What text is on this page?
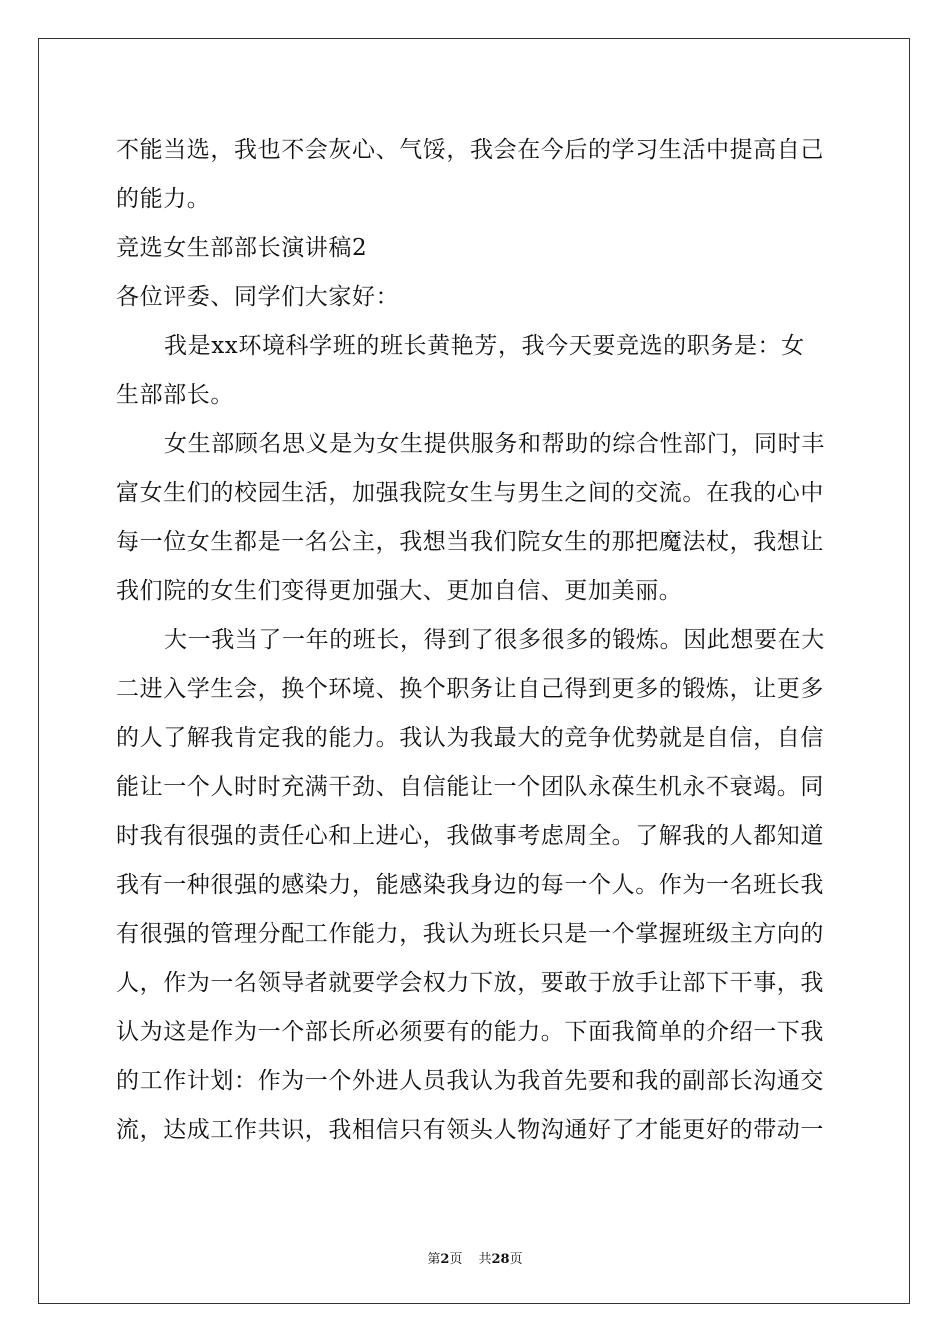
不能当选，我也不会灰心、气馁，我会在今后的学习生活中提高自己
的能力。
竞选女生部部长演讲稿2
各位评委、同学们大家好：
我是xx环境科学班的班长黄艳芳，我今天要竞选的职务是：女
生部部长。
女生部顾名思义是为女生提供服务和帮助的综合性部门，同时丰
富女生们的校园生活，加强我院女生与男生之间的交流。在我的心中
每一位女生都是一名公主，我想当我们院女生的那把魔法杖，我想让
我们院的女生们变得更加强大、更加自信、更加美丽。
大一我当了一年的班长，得到了很多很多的锻炼。因此想要在大
二进入学生会，换个环境、换个职务让自己得到更多的锻炼，让更多
的人了解我肯定我的能力。我认为我最大的竞争优势就是自信，自信
能让一个人时时充满干劲、自信能让一个团队永葆生机永不衰竭。同
时我有很强的责任心和上进心，我做事考虑周全。了解我的人都知道
我有一种很强的感染力，能感染我身边的每一个人。作为一名班长我
有很强的管理分配工作能力，我认为班长只是一个掌握班级主方向的
人，作为一名领导者就要学会权力下放，要敢于放手让部下干事，我
认为这是作为一个部长所必须要有的能力。下面我简单的介绍一下我
的工作计划：作为一个外进人员我认为我首先要和我的副部长沟通交
流，达成工作共识，我相信只有领头人物沟通好了才能更好的带动一
第2页 共28页
